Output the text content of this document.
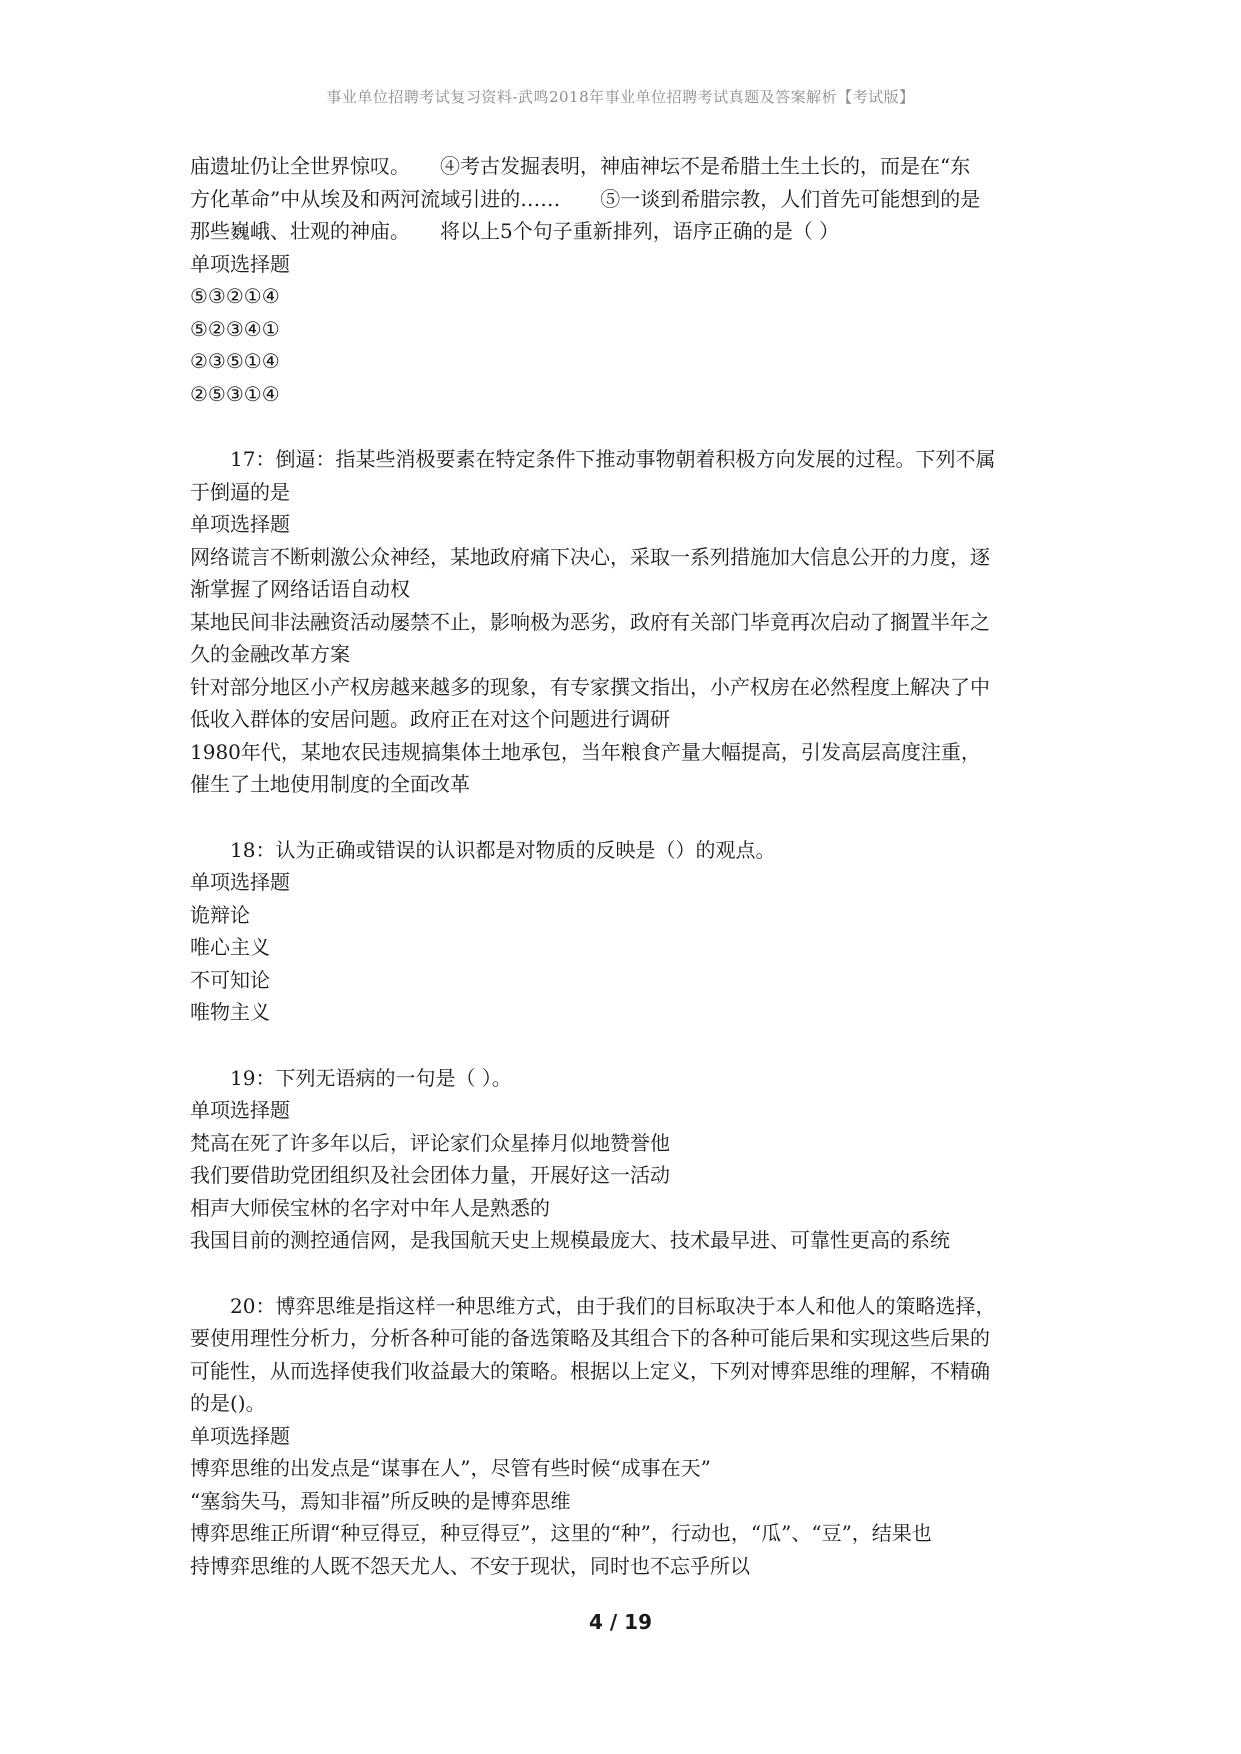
事业单位招聘考试复习资料-武鸣2018年事业单位招聘考试真题及答案解析【考试版】
庙遗址仍让全世界惊叹。　　④考古发掘表明，神庙神坛不是希腊土生土长的，而是在“东
方化革命”中从埃及和两河流域引进的……　　⑤一谈到希腊宗教，人们首先可能想到的是
那些巍峨、壮观的神庙。　　将以上5个句子重新排列，语序正确的是（ ）
单项选择题
⑤③②①④
⑤②③④①
②③⑤①④
②⑤③①④
17：倒逼：指某些消极要素在特定条件下推动事物朝着积极方向发展的过程。下列不属
于倒逼的是
单项选择题
网络谎言不断刺激公众神经，某地政府痛下决心，采取一系列措施加大信息公开的力度，逐
渐掌握了网络话语自动权
某地民间非法融资活动屡禁不止，影响极为恶劣，政府有关部门毕竟再次启动了搁置半年之
久的金融改革方案
针对部分地区小产权房越来越多的现象，有专家撰文指出，小产权房在必然程度上解决了中
低收入群体的安居问题。政府正在对这个问题进行调研
1980年代，某地农民违规搞集体土地承包，当年粮食产量大幅提高，引发高层高度注重，
催生了土地使用制度的全面改革
18：认为正确或错误的认识都是对物质的反映是（）的观点。
单项选择题
诡辩论
唯心主义
不可知论
唯物主义
19：下列无语病的一句是（ ）。
单项选择题
梵高在死了许多年以后，评论家们众星捧月似地赞誉他
我们要借助党团组织及社会团体力量，开展好这一活动
相声大师侯宝林的名字对中年人是熟悉的
我国目前的测控通信网，是我国航天史上规模最庞大、技术最早进、可靠性更高的系统
20：博弈思维是指这样一种思维方式，由于我们的目标取决于本人和他人的策略选择，
要使用理性分析力，分析各种可能的备选策略及其组合下的各种可能后果和实现这些后果的
可能性，从而选择使我们收益最大的策略。根据以上定义，下列对博弈思维的理解，不精确
的是()。
单项选择题
博弈思维的出发点是“谋事在人”，尽管有些时候“成事在天”
“塞翁失马，焉知非福”所反映的是博弈思维
博弈思维正所谓“种豆得豆，种豆得豆”，这里的“种”，行动也，“瓜”、“豆”，结果也
持博弈思维的人既不怨天尤人、不安于现状，同时也不忘乎所以
4 / 19
